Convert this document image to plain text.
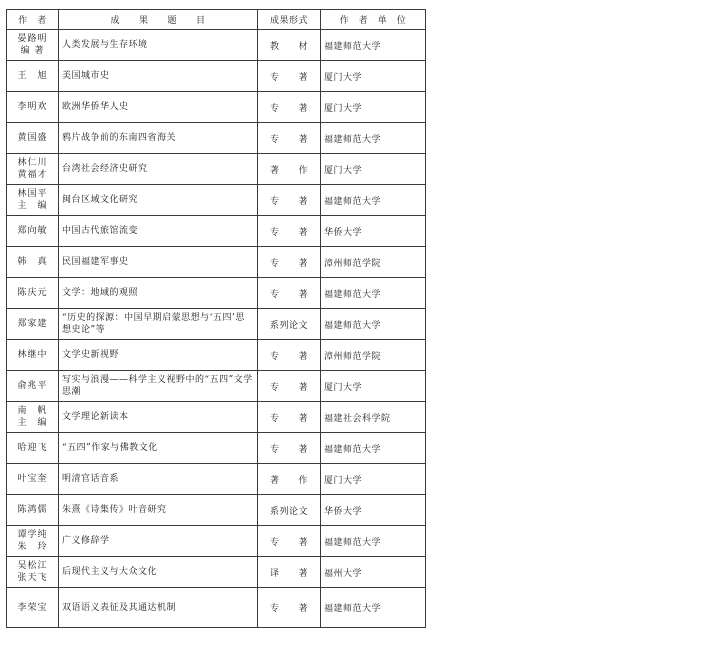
作　者	成　　果　　题　　目	成果形式	作　者　单　位

晏路明
编 著	人类发展与生存环境	教　　材	福建师范大学

王　旭	美国城市史	专　　著	厦门大学

李明欢	欧洲华侨华人史	专　　著	厦门大学

黄国盛	鸦片战争前的东南四省海关	专　　著	福建师范大学

林仁川
黄福才	台湾社会经济史研究	著　　作	厦门大学

林国平
主　编	闽台区域文化研究	专　　著	福建师范大学

郑向敏	中国古代旅馆流变	专　　著	华侨大学

韩　真	民国福建军事史	专　　著	漳州师范学院

陈庆元	文学：地域的观照	专　　著	福建师范大学

郑家建	“历史的探源：中国早期启蒙思想与‘五四’思想史论”等	系列论文	福建师范大学

林继中	文学史新视野	专　　著	漳州师范学院

俞兆平	写实与浪漫——科学主义视野中的“五四”文学思潮	专　　著	厦门大学

南　帆
主　编	文学理论新读本	专　　著	福建社会科学院

哈迎飞	“五四”作家与佛教文化	专　　著	福建师范大学

叶宝奎	明清官话音系	著　　作	厦门大学

陈鸿儒	朱熹《诗集传》叶音研究	系列论文	华侨大学

谭学纯
朱　玲	广义修辞学	专　　著	福建师范大学

吴松江
张天飞	后现代主义与大众文化	译　　著	福州大学

李荣宝	双语语义表征及其通达机制	专　　著	福建师范大学
